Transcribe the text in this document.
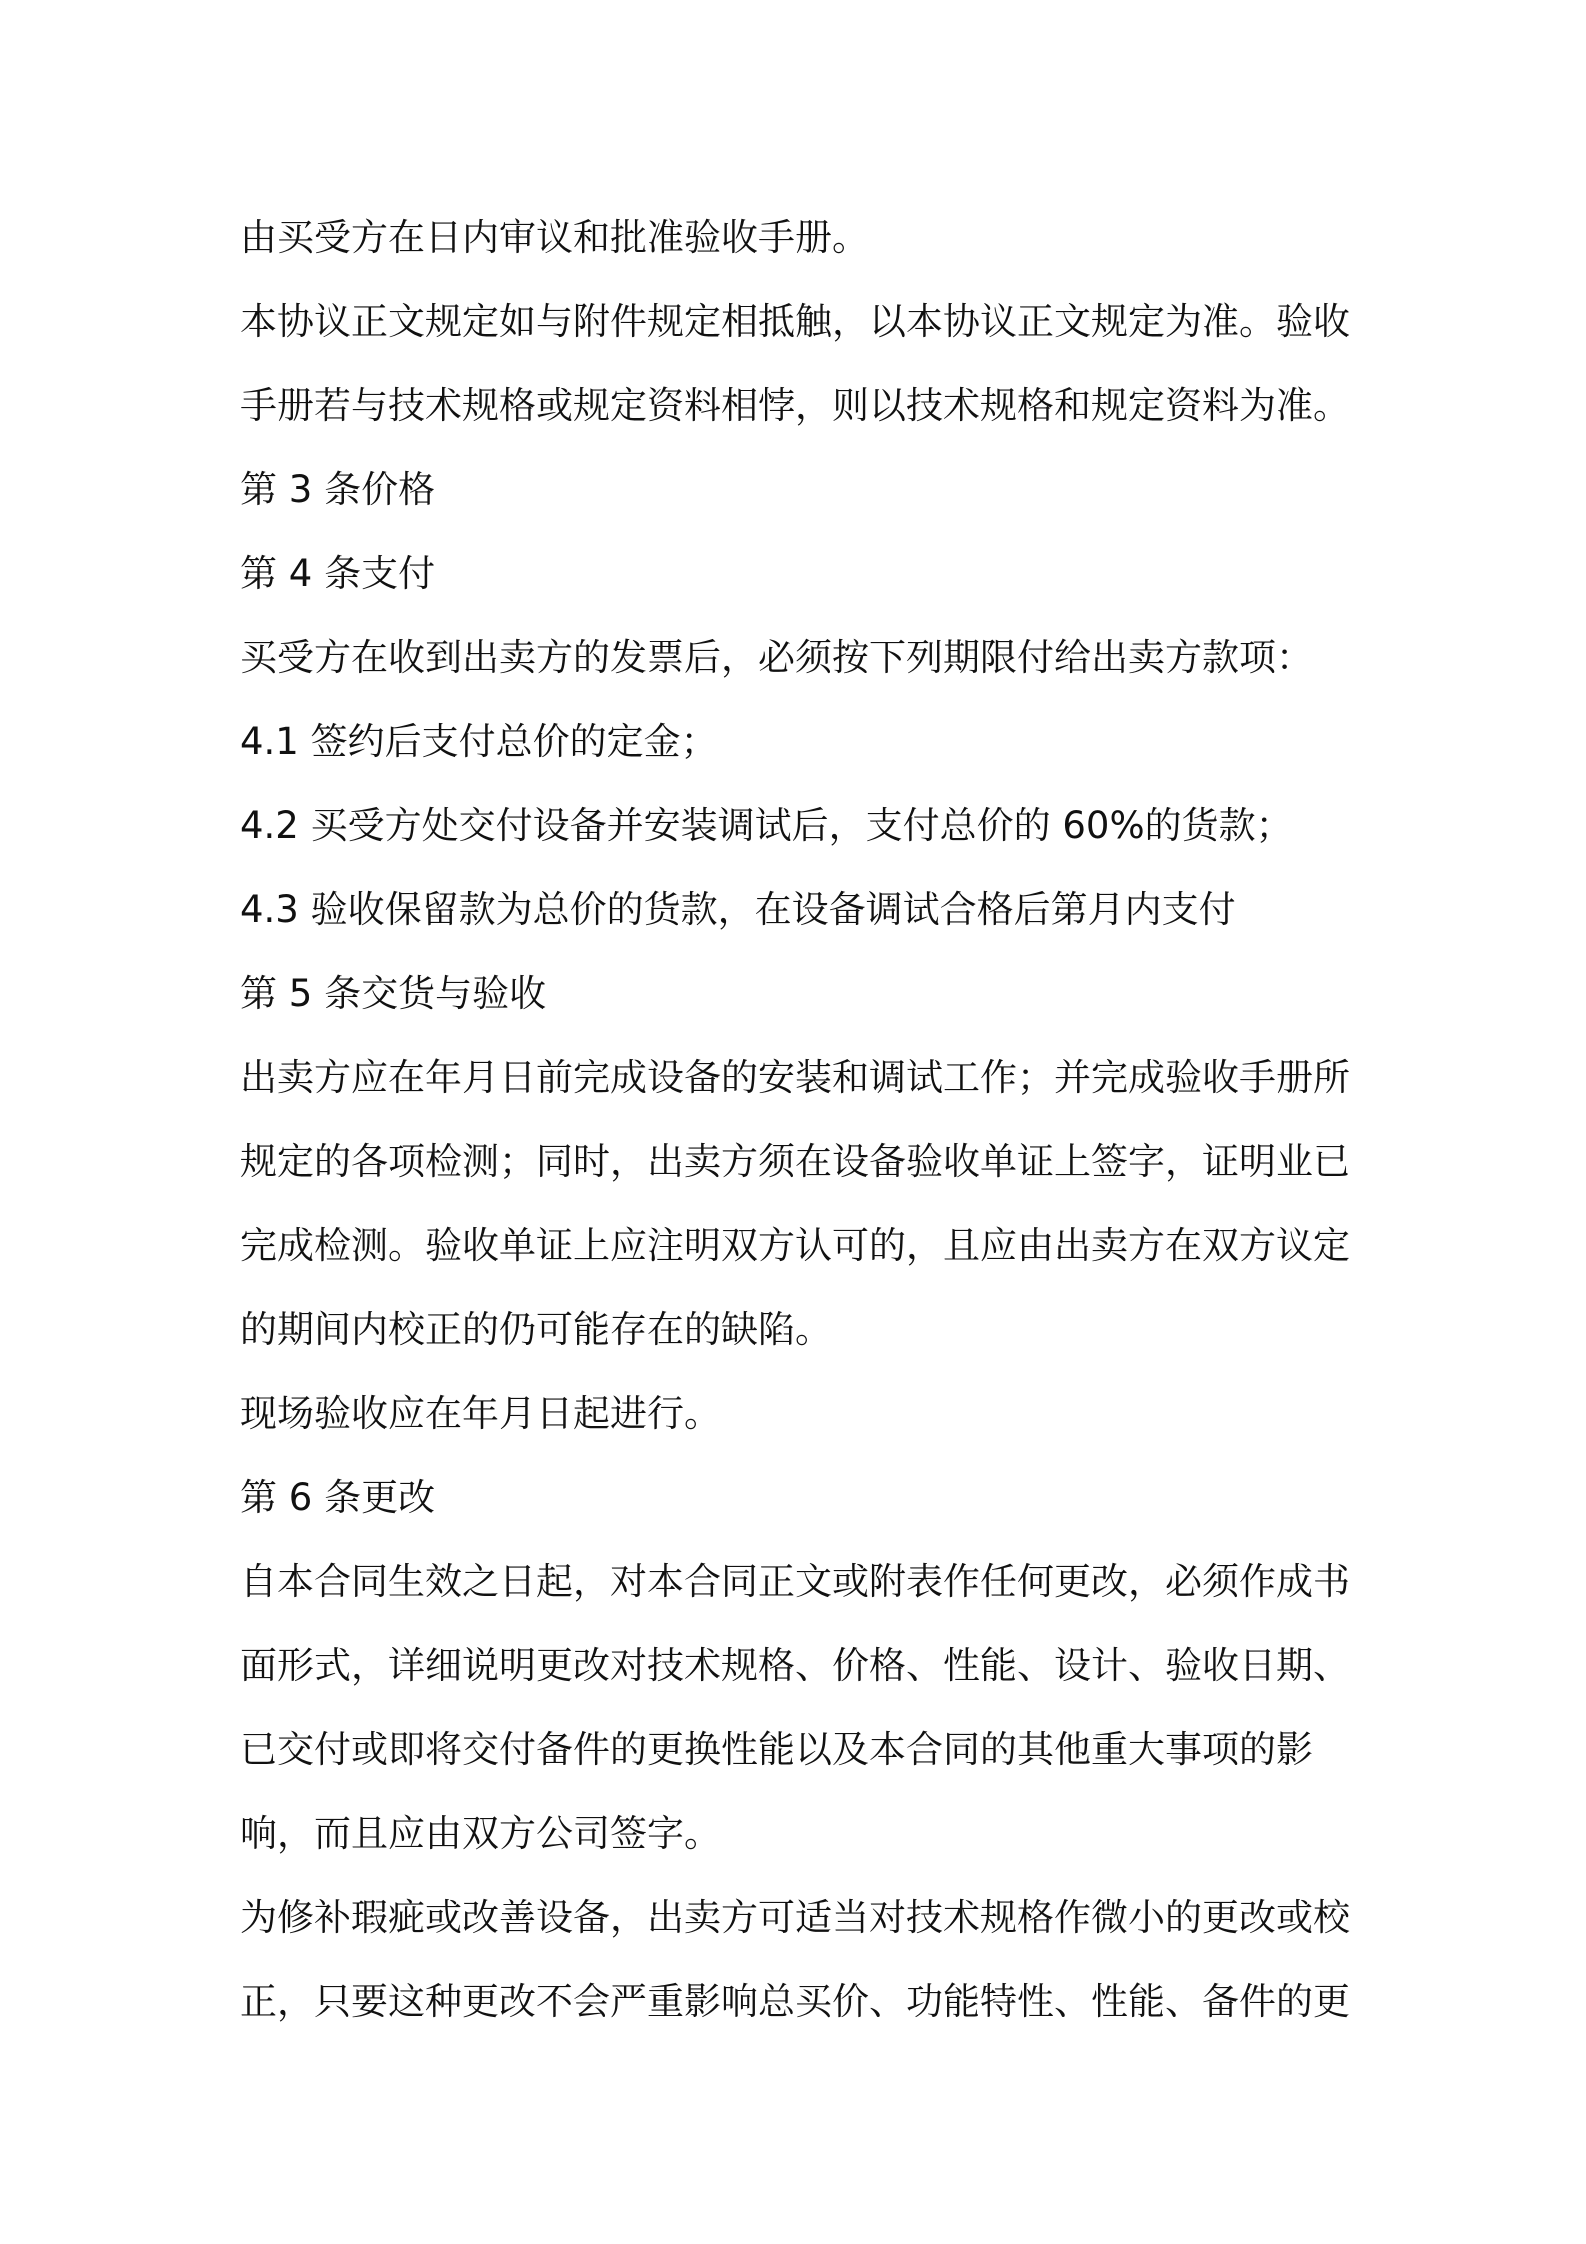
由买受方在日内审议和批准验收手册。
本协议正文规定如与附件规定相抵触，以本协议正文规定为准。验收
手册若与技术规格或规定资料相悖，则以技术规格和规定资料为准。
第 3 条价格
第 4 条支付
买受方在收到出卖方的发票后，必须按下列期限付给出卖方款项：
4.1 签约后支付总价的定金；
4.2 买受方处交付设备并安装调试后，支付总价的 60%的货款；
4.3 验收保留款为总价的货款，在设备调试合格后第月内支付
第 5 条交货与验收
出卖方应在年月日前完成设备的安装和调试工作；并完成验收手册所
规定的各项检测；同时，出卖方须在设备验收单证上签字，证明业已
完成检测。验收单证上应注明双方认可的，且应由出卖方在双方议定
的期间内校正的仍可能存在的缺陷。
现场验收应在年月日起进行。
第 6 条更改
自本合同生效之日起，对本合同正文或附表作任何更改，必须作成书
面形式，详细说明更改对技术规格、价格、性能、设计、验收日期、
已交付或即将交付备件的更换性能以及本合同的其他重大事项的影
响，而且应由双方公司签字。
为修补瑕疵或改善设备，出卖方可适当对技术规格作微小的更改或校
正，只要这种更改不会严重影响总买价、功能特性、性能、备件的更
